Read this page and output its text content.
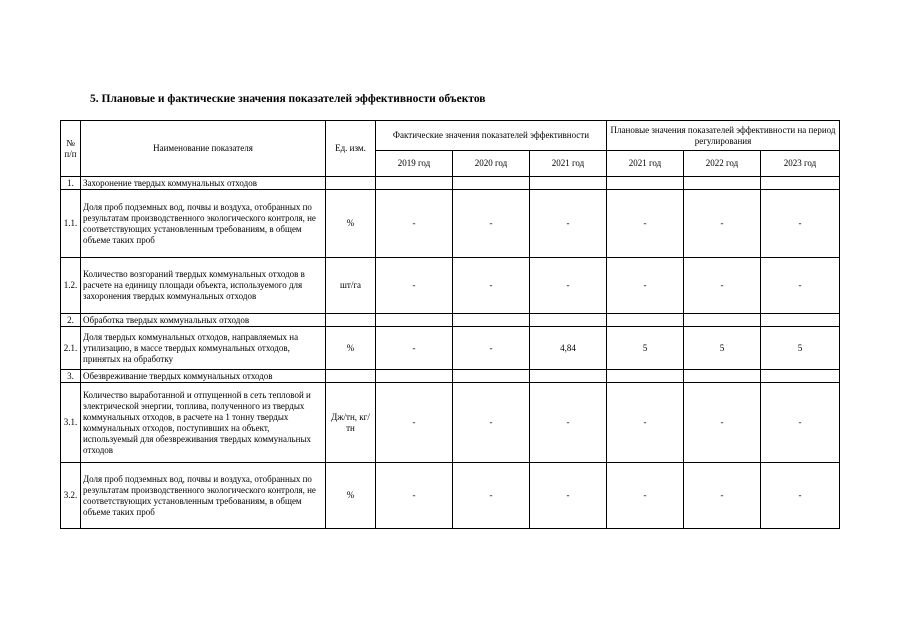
5. Плановые и фактические значения показателей эффективности объектов
№ п/п	Наименование показателя	Ед. изм.	Фактические значения показателей эффективности			Плановые значения показателей эффективности на период регулирования		
			2019 год	2020 год	2021 год	2021 год	2022 год	2023 год
1.	Захоронение твердых коммунальных отходов							
1.1.	Доля проб подземных вод, почвы и воздуха, отобранных по результатам производственного экологического контроля, не соответствующих установленным требованиям, в общем объеме таких проб	%	-	-	-	-	-	-
1.2.	Количество возгораний твердых коммунальных отходов в расчете на единицу площади объекта, используемого для захоронения твердых коммунальных отходов	шт/га	-	-	-	-	-	-
2.	Обработка твердых коммунальных отходов							
2.1.	Доля твердых коммунальных отходов, направляемых на утилизацию, в массе твердых коммунальных отходов, принятых на обработку	%	-	-	4,84	5	5	5
3.	Обезвреживание твердых коммунальных отходов							
3.1.	Количество выработанной и отпущенной в сеть тепловой и электрической энергии, топлива, полученного из твердых коммунальных отходов, в расчете на 1 тонну твердых коммунальных отходов, поступивших на объект, используемый для обезвреживания твердых коммунальных отходов	Дж/тн, кг/тн	-	-	-	-	-	-
3.2.	Доля проб подземных вод, почвы и воздуха, отобранных по результатам производственного экологического контроля, не соответствующих установленным требованиям, в общем объеме таких проб	%	-	-	-	-	-	-
